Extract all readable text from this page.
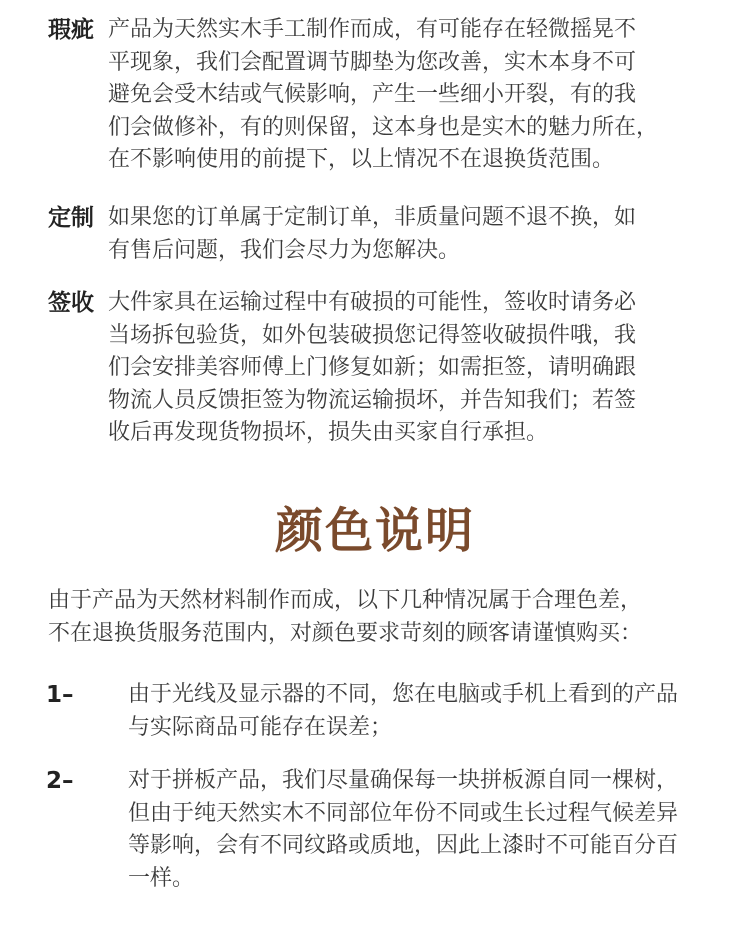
瑕疵 产品为天然实木手工制作而成，有可能存在轻微摇晃不
平现象，我们会配置调节脚垫为您改善，实木本身不可
避免会受木结或气候影响，产生一些细小开裂，有的我
们会做修补，有的则保留，这本身也是实木的魅力所在，
在不影响使用的前提下，以上情况不在退换货范围。
定制 如果您的订单属于定制订单，非质量问题不退不换，如
有售后问题，我们会尽力为您解决。
签收 大件家具在运输过程中有破损的可能性，签收时请务必
当场拆包验货，如外包装破损您记得签收破损件哦，我
们会安排美容师傅上门修复如新；如需拒签，请明确跟
物流人员反馈拒签为物流运输损坏，并告知我们；若签
收后再发现货物损坏，损失由买家自行承担。
颜色说明
由于产品为天然材料制作而成，以下几种情况属于合理色差，
不在退换货服务范围内，对颜色要求苛刻的顾客请谨慎购买：
1–	由于光线及显示器的不同，您在电脑或手机上看到的产品
与实际商品可能存在误差；
2–	对于拼板产品，我们尽量确保每一块拼板源自同一棵树，
但由于纯天然实木不同部位年份不同或生长过程气候差异
等影响，会有不同纹路或质地，因此上漆时不可能百分百
一样。
